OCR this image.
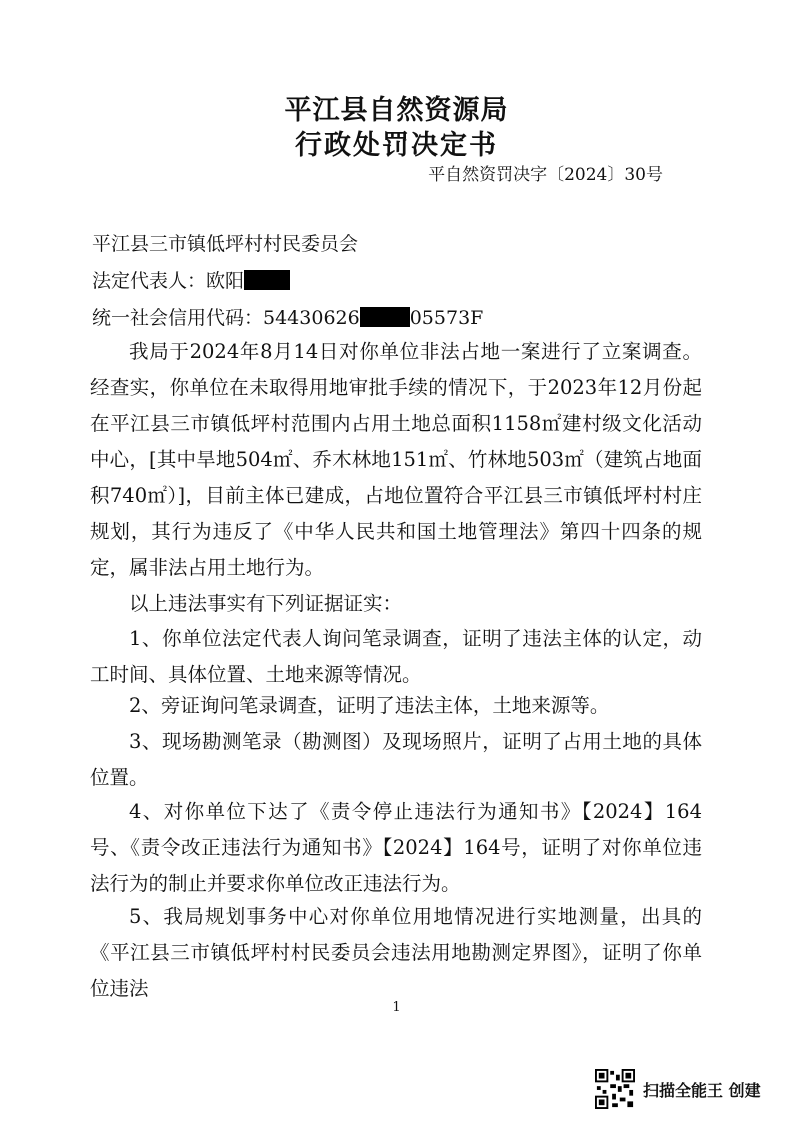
平江县自然资源局
行政处罚决定书
平自然资罚决字〔2024〕30号
平江县三市镇低坪村村民委员会
法定代表人：欧阳
统一社会信用代码：54430626	05573F
我局于2024年8月14日对你单位非法占地一案进行了立案调查。经查实，你单位在未取得用地审批手续的情况下，于2023年12月份起在平江县三市镇低坪村范围内占用土地总面积1158㎡建村级文化活动中心，[其中旱地504㎡、乔木林地151㎡、竹林地503㎡（建筑占地面积740㎡）]，目前主体已建成，占地位置符合平江县三市镇低坪村村庄规划，其行为违反了《中华人民共和国土地管理法》第四十四条的规定，属非法占用土地行为。
以上违法事实有下列证据证实：
1、你单位法定代表人询问笔录调查，证明了违法主体的认定，动工时间、具体位置、土地来源等情况。
2、旁证询问笔录调查，证明了违法主体，土地来源等。
3、现场勘测笔录（勘测图）及现场照片，证明了占用土地的具体位置。
4、对你单位下达了《责令停止违法行为通知书》【2024】164号、《责令改正违法行为通知书》【2024】164号，证明了对你单位违法行为的制止并要求你单位改正违法行为。
5、我局规划事务中心对你单位用地情况进行实地测量，出具的《平江县三市镇低坪村村民委员会违法用地勘测定界图》，证明了你单位违法
1
扫描全能王 创建
